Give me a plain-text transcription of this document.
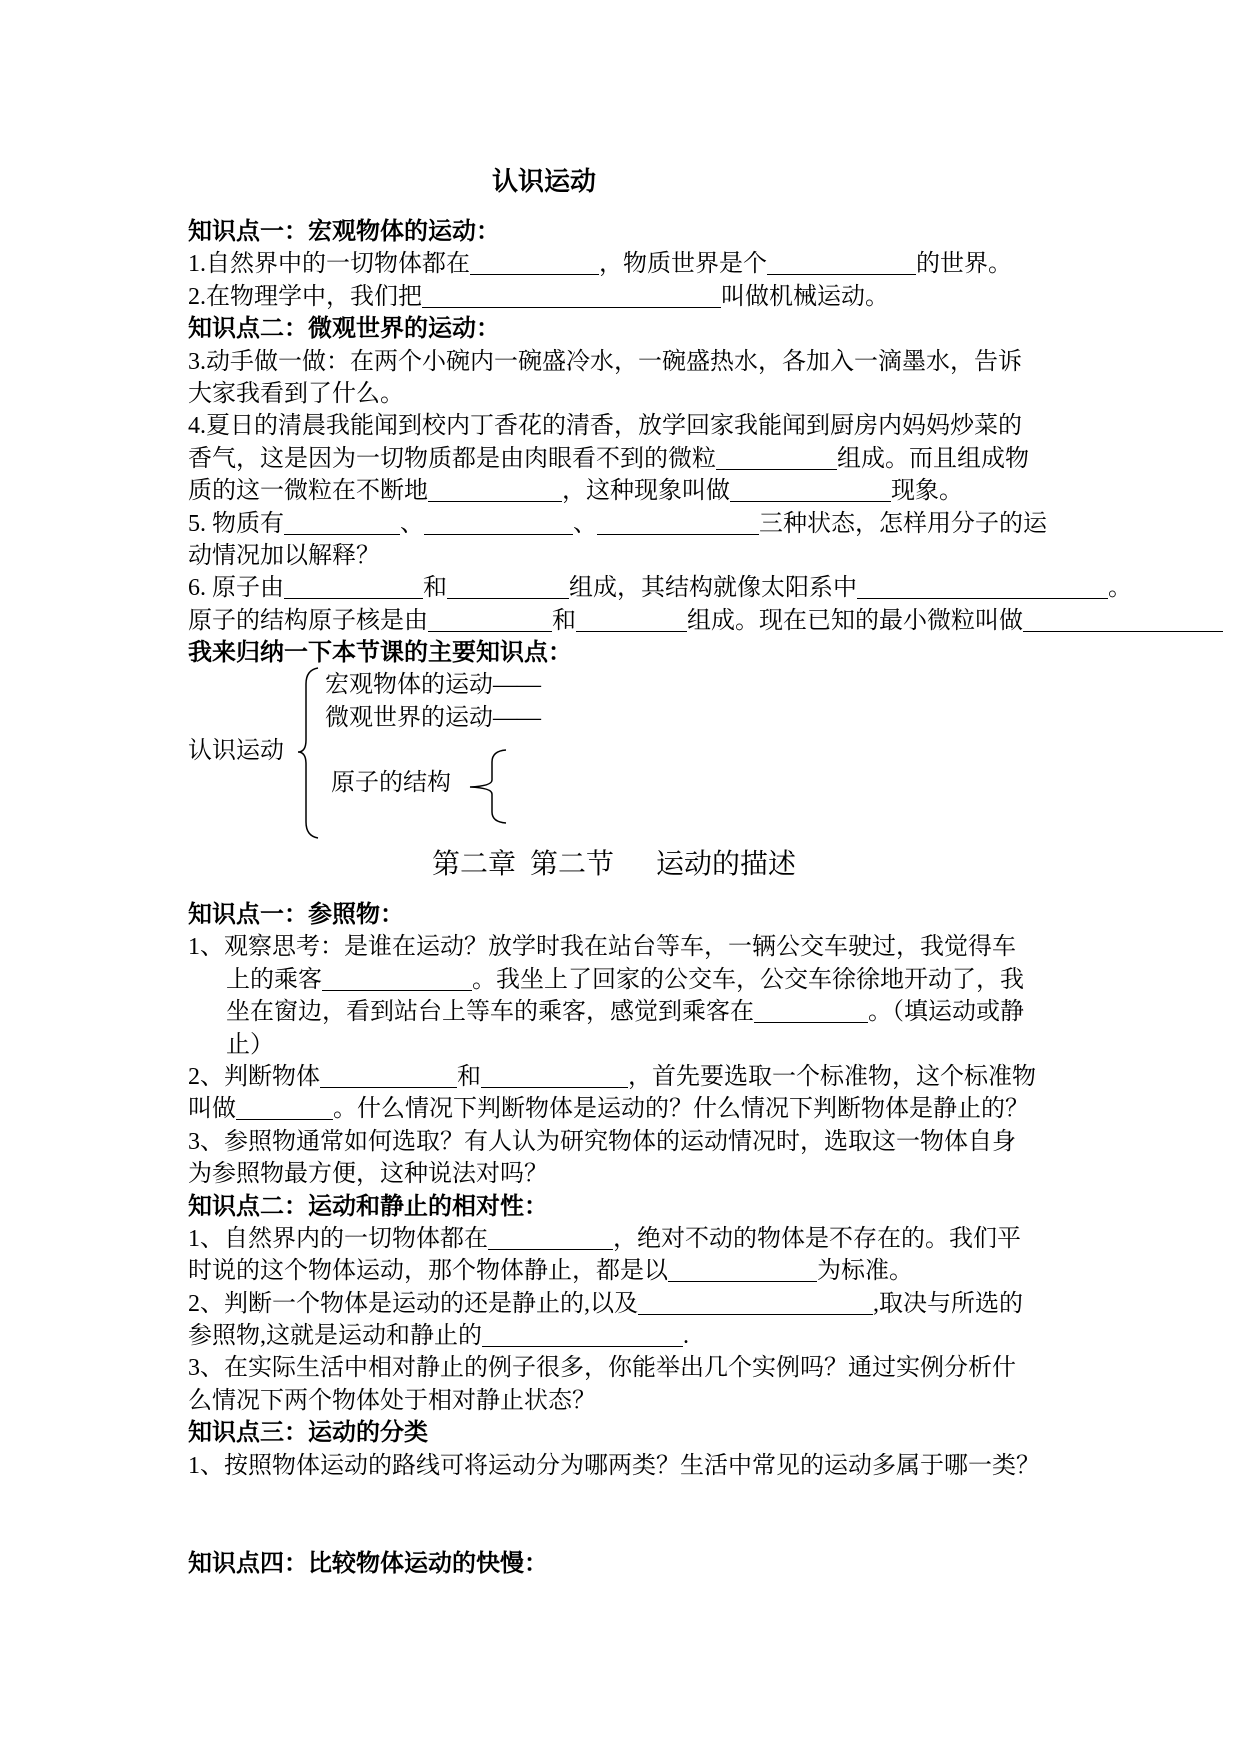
认识运动
知识点一：宏观物体的运动：
1.自然界中的一切物体都在	，物质世界是个	的世界。
2.在物理学中，我们把	叫做机械运动。
知识点二：微观世界的运动：
3.动手做一做：在两个小碗内一碗盛冷水，一碗盛热水，各加入一滴墨水，告诉
大家我看到了什么。
4.夏日的清晨我能闻到校内丁香花的清香，放学回家我能闻到厨房内妈妈炒菜的
香气，这是因为一切物质都是由肉眼看不到的微粒	组成。而且组成物
质的这一微粒在不断地	，这种现象叫做	现象。
5. 物质有	、	、	三种状态，怎样用分子的运
动情况加以解释？
6. 原子由	和	组成，其结构就像太阳系中	。
原子的结构原子核是由	和	组成。现在已知的最小微粒叫做
我来归纳一下本节课的主要知识点：
宏观物体的运动——
微观世界的运动——
认识运动
原子的结构
第二章  第二节      运动的描述
知识点一：参照物：
1、观察思考：是谁在运动？放学时我在站台等车，一辆公交车驶过，我觉得车
上的乘客	。我坐上了回家的公交车，公交车徐徐地开动了，我
坐在窗边，看到站台上等车的乘客，感觉到乘客在	。（填运动或静
止）
2、判断物体	和	，首先要选取一个标准物，这个标准物
叫做	。什么情况下判断物体是运动的？什么情况下判断物体是静止的？
3、参照物通常如何选取？有人认为研究物体的运动情况时，选取这一物体自身
为参照物最方便，这种说法对吗？
知识点二：运动和静止的相对性：
1、自然界内的一切物体都在	，绝对不动的物体是不存在的。我们平
时说的这个物体运动，那个物体静止，都是以	为标准。
2、判断一个物体是运动的还是静止的,以及	,取决与所选的
参照物,这就是运动和静止的	.
3、在实际生活中相对静止的例子很多，你能举出几个实例吗？通过实例分析什
么情况下两个物体处于相对静止状态？
知识点三：运动的分类
1、按照物体运动的路线可将运动分为哪两类？生活中常见的运动多属于哪一类？
知识点四：比较物体运动的快慢：
